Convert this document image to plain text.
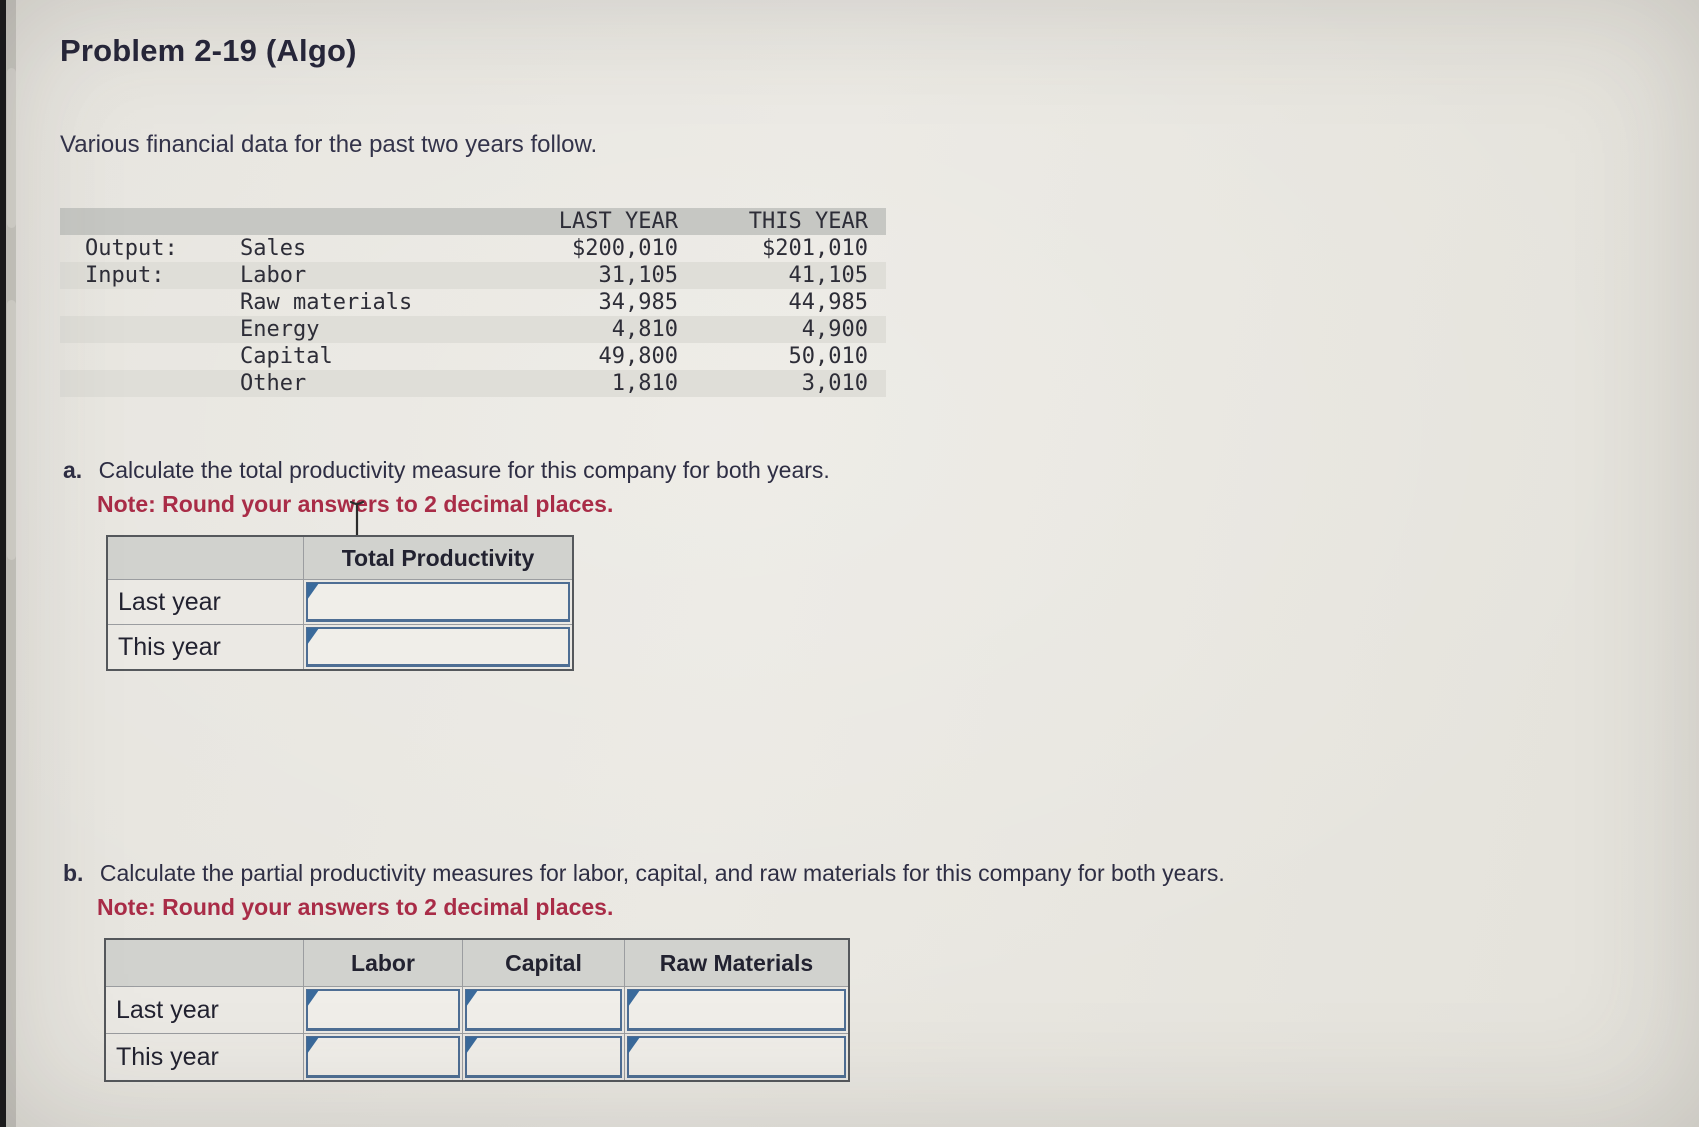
Problem 2-19 (Algo)
Various financial data for the past two years follow.
LAST YEAR	THIS YEAR
Output:	Sales	$200,010	$201,010
Input:	Labor	31,105	41,105
Raw materials	34,985	44,985
Energy	4,810	4,900
Capital	49,800	50,010
Other	1,810	3,010
a. Calculate the total productivity measure for this company for both years.
Note: Round your answers to 2 decimal places.
Total Productivity
Last year
This year
b. Calculate the partial productivity measures for labor, capital, and raw materials for this company for both years.
Note: Round your answers to 2 decimal places.
Labor	Capital	Raw Materials
Last year
This year
